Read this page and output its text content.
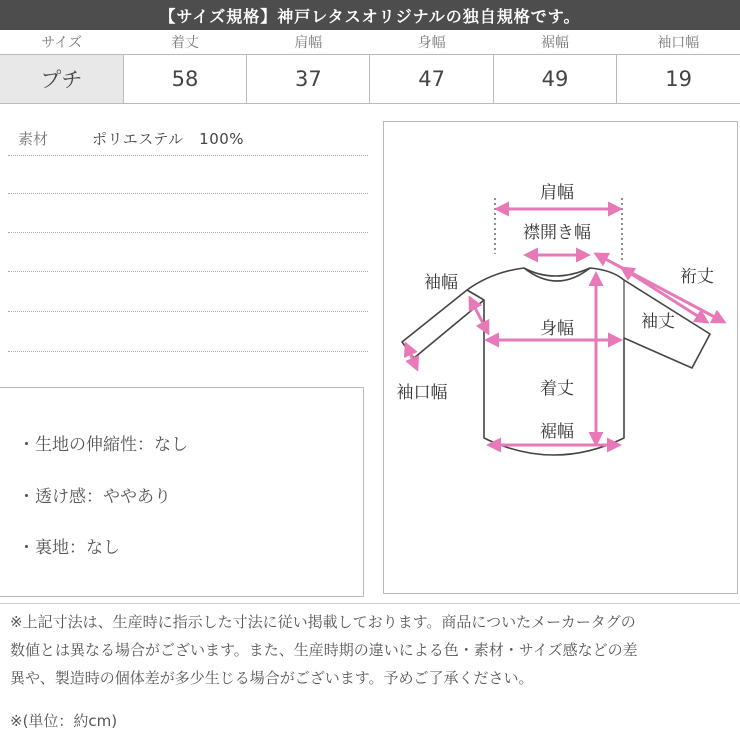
【サイズ規格】神戸レタスオリジナルの独自規格です。
サイズ	着丈	肩幅	身幅	裾幅	袖口幅
プチ	58	37	47	49	19
素材	ポリエステル　100%
・生地の伸縮性：なし
・透け感：ややあり
・裏地：なし
肩幅
襟開き幅
袖幅	裄丈
袖丈
身幅
袖口幅	着丈
裾幅
※上記寸法は、生産時に指示した寸法に従い掲載しております。商品についたメーカータグの
数値とは異なる場合がございます。また、生産時期の違いによる色・素材・サイズ感などの差
異や、製造時の個体差が多少生じる場合がございます。予めご了承ください。
※(単位：約cm)
